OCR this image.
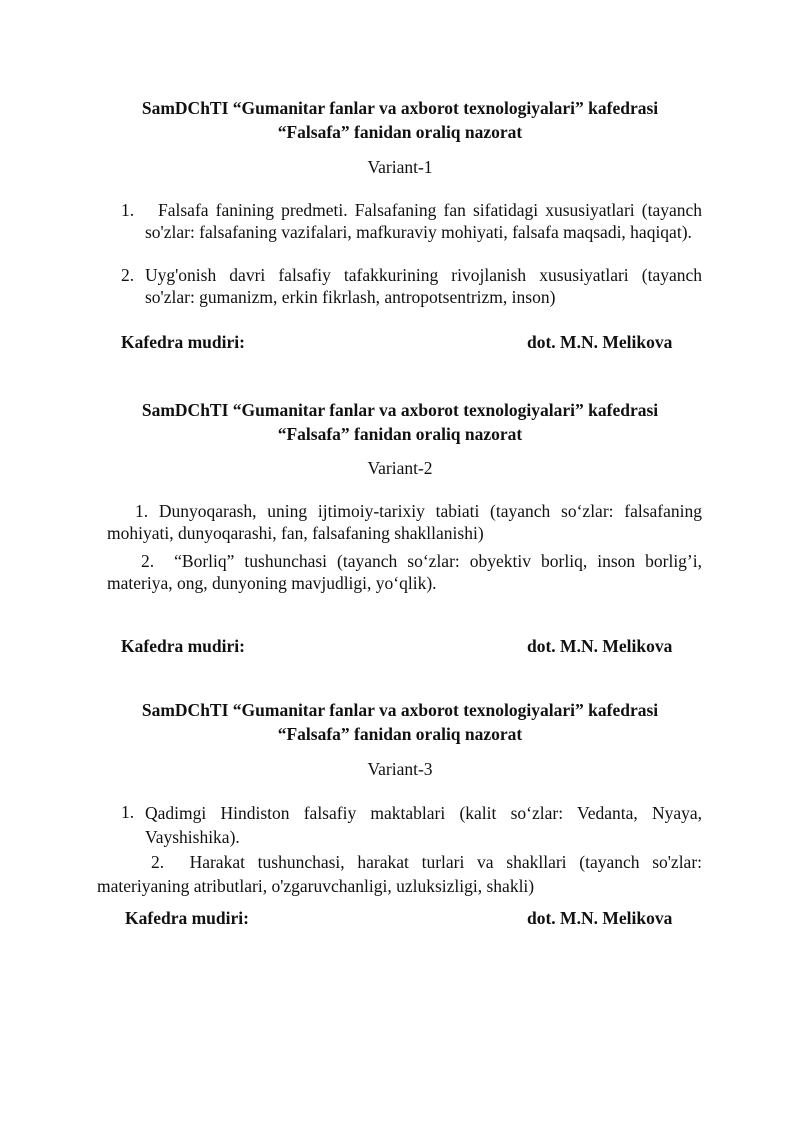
SamDChTI “Gumanitar fanlar va axborot texnologiyalari” kafedrasi
“Falsafa” fanidan oraliq nazorat
Variant-1
1.	Falsafa fanining predmeti. Falsafaning fan sifatidagi xususiyatlari (tayanch so'zlar: falsafaning vazifalari, mafkuraviy mohiyati, falsafa maqsadi, haqiqat).
2. Uyg'onish davri falsafiy tafakkurining rivojlanish xususiyatlari (tayanch so'zlar: gumanizm, erkin fikrlash, antropotsentrizm, inson)
Kafedra mudiri:	dot. M.N. Melikova
SamDChTI “Gumanitar fanlar va axborot texnologiyalari” kafedrasi
“Falsafa” fanidan oraliq nazorat
Variant-2
1. Dunyoqarash, uning ijtimoiy-tarixiy tabiati (tayanch so‘zlar: falsafaning mohiyati, dunyoqarashi, fan, falsafaning shakllanishi)
2. “Borliq” tushunchasi (tayanch so‘zlar: obyektiv borliq, inson borlig’i, materiya, ong, dunyoning mavjudligi, yo‘qlik).
Kafedra mudiri:	dot. M.N. Melikova
SamDChTI “Gumanitar fanlar va axborot texnologiyalari” kafedrasi
“Falsafa” fanidan oraliq nazorat
Variant-3
1. Qadimgi Hindiston falsafiy maktablari (kalit so‘zlar: Vedanta, Nyaya, Vayshishika).
2. Harakat tushunchasi, harakat turlari va shakllari (tayanch so'zlar: materiyaning atributlari, o'zgaruvchanligi, uzluksizligi, shakli)
Kafedra mudiri:	dot. M.N. Melikova
